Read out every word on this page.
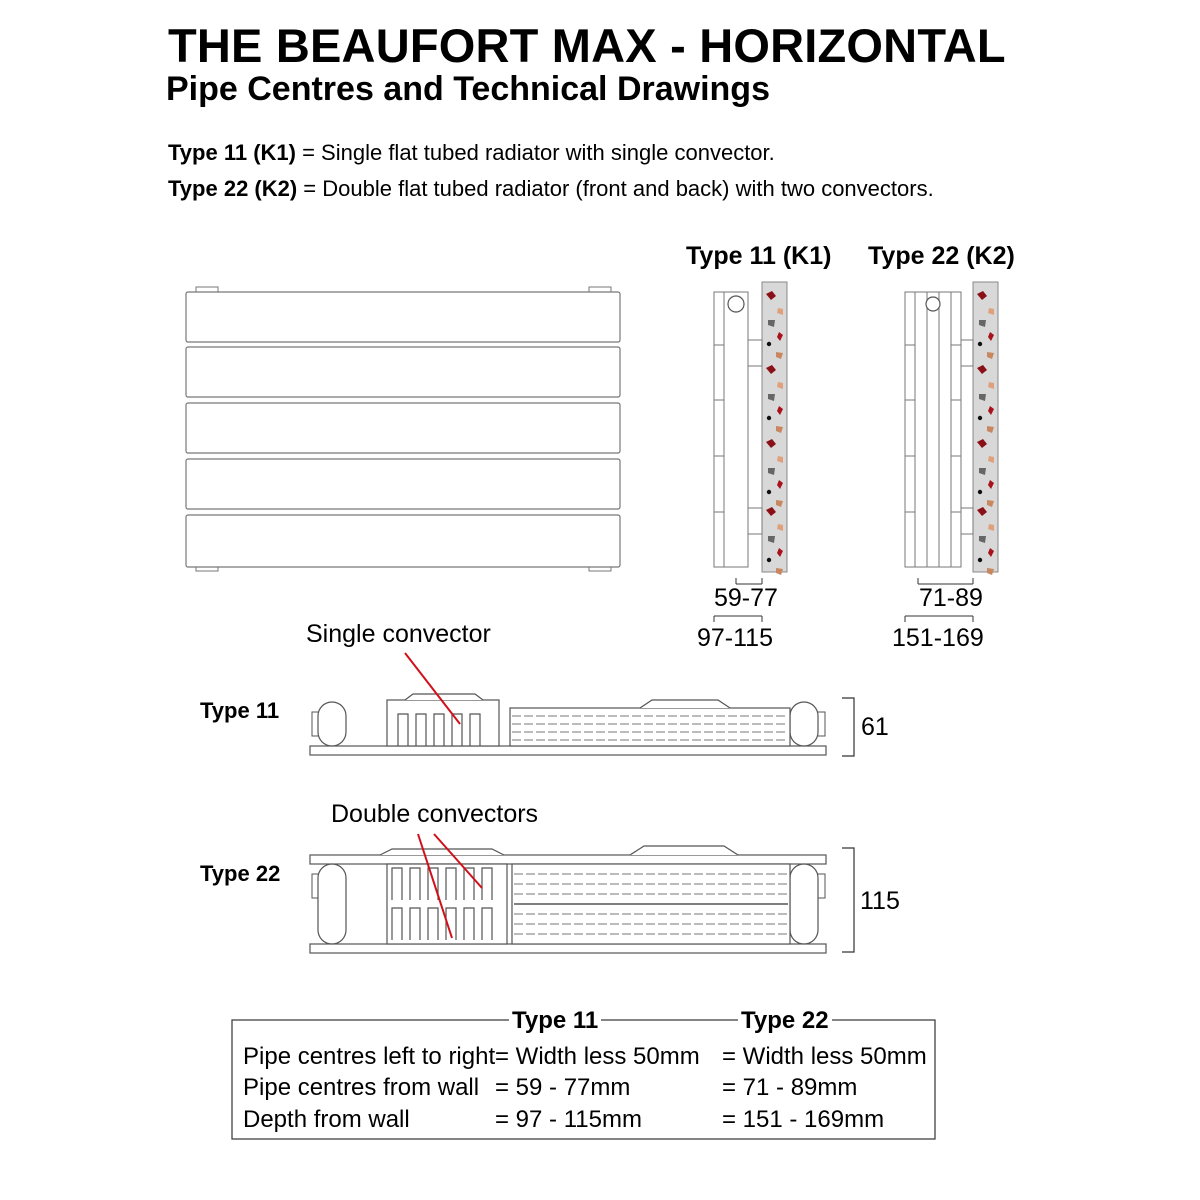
THE BEAUFORT MAX - HORIZONTAL
Pipe Centres and Technical Drawings
Type 11 (K1) = Single flat tubed radiator with single convector.
Type 22 (K2) = Double flat tubed radiator (front and back) with two convectors.
Type 11 (K1) Type 22 (K2)
59-77
97-115
71-89
151-169
Single convector
Type 11
61
Double convectors
Type 22
115
Type 11	Type 22
Pipe centres left to right = Width less 50mm = Width less 50mm
Pipe centres from wall = 59 - 77mm	= 71 - 89mm
Depth from wall	= 97 - 115mm	= 151 - 169mm
